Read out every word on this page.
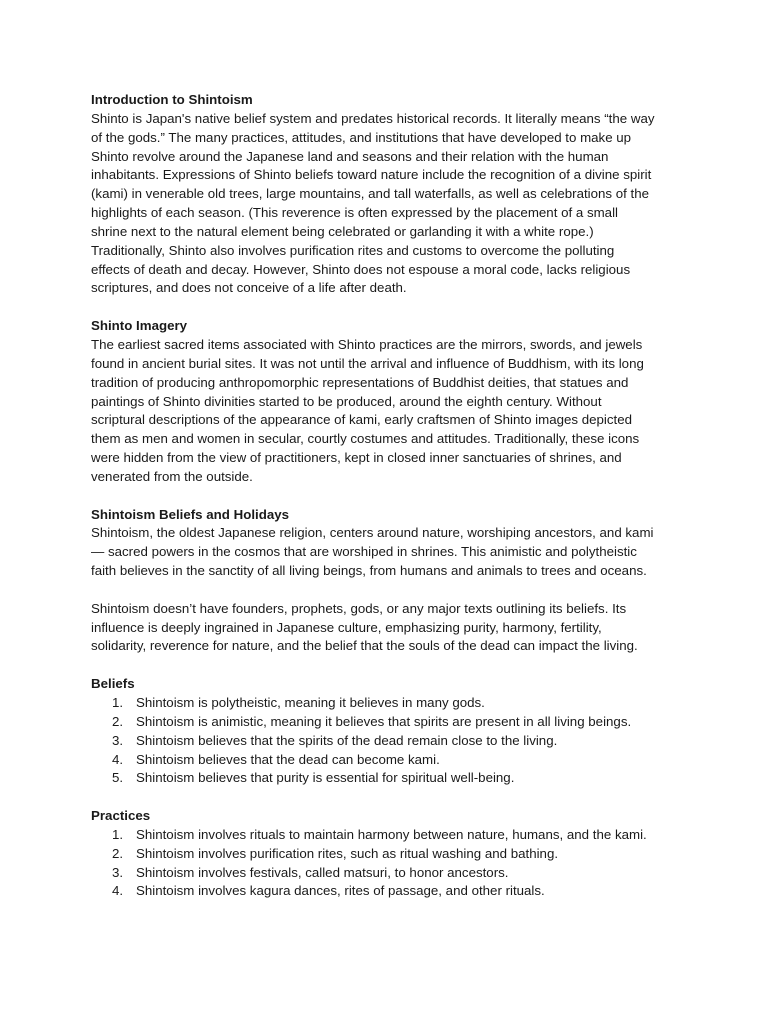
Introduction to Shintoism

Shinto is Japan's native belief system and predates historical records. It literally means “the way

of the gods.” The many practices, attitudes, and institutions that have developed to make up

Shinto revolve around the Japanese land and seasons and their relation with the human

inhabitants. Expressions of Shinto beliefs toward nature include the recognition of a divine spirit

(kami) in venerable old trees, large mountains, and tall waterfalls, as well as celebrations of the

highlights of each season. (This reverence is often expressed by the placement of a small

shrine next to the natural element being celebrated or garlanding it with a white rope.)

Traditionally, Shinto also involves purification rites and customs to overcome the polluting

effects of death and decay. However, Shinto does not espouse a moral code, lacks religious

scriptures, and does not conceive of a life after death.

Shinto Imagery

The earliest sacred items associated with Shinto practices are the mirrors, swords, and jewels

found in ancient burial sites. It was not until the arrival and influence of Buddhism, with its long

tradition of producing anthropomorphic representations of Buddhist deities, that statues and

paintings of Shinto divinities started to be produced, around the eighth century. Without

scriptural descriptions of the appearance of kami, early craftsmen of Shinto images depicted

them as men and women in secular, courtly costumes and attitudes. Traditionally, these icons

were hidden from the view of practitioners, kept in closed inner sanctuaries of shrines, and

venerated from the outside.

Shintoism Beliefs and Holidays

Shintoism, the oldest Japanese religion, centers around nature, worshiping ancestors, and kami

— sacred powers in the cosmos that are worshiped in shrines. This animistic and polytheistic

faith believes in the sanctity of all living beings, from humans and animals to trees and oceans.

Shintoism doesn’t have founders, prophets, gods, or any major texts outlining its beliefs. Its

influence is deeply ingrained in Japanese culture, emphasizing purity, harmony, fertility,

solidarity, reverence for nature, and the belief that the souls of the dead can impact the living.

Beliefs

1. Shintoism is polytheistic, meaning it believes in many gods.
2. Shintoism is animistic, meaning it believes that spirits are present in all living beings.
3. Shintoism believes that the spirits of the dead remain close to the living.
4. Shintoism believes that the dead can become kami.
5. Shintoism believes that purity is essential for spiritual well-being.

Practices

1. Shintoism involves rituals to maintain harmony between nature, humans, and the kami.
2. Shintoism involves purification rites, such as ritual washing and bathing.
3. Shintoism involves festivals, called matsuri, to honor ancestors.
4. Shintoism involves kagura dances, rites of passage, and other rituals.
